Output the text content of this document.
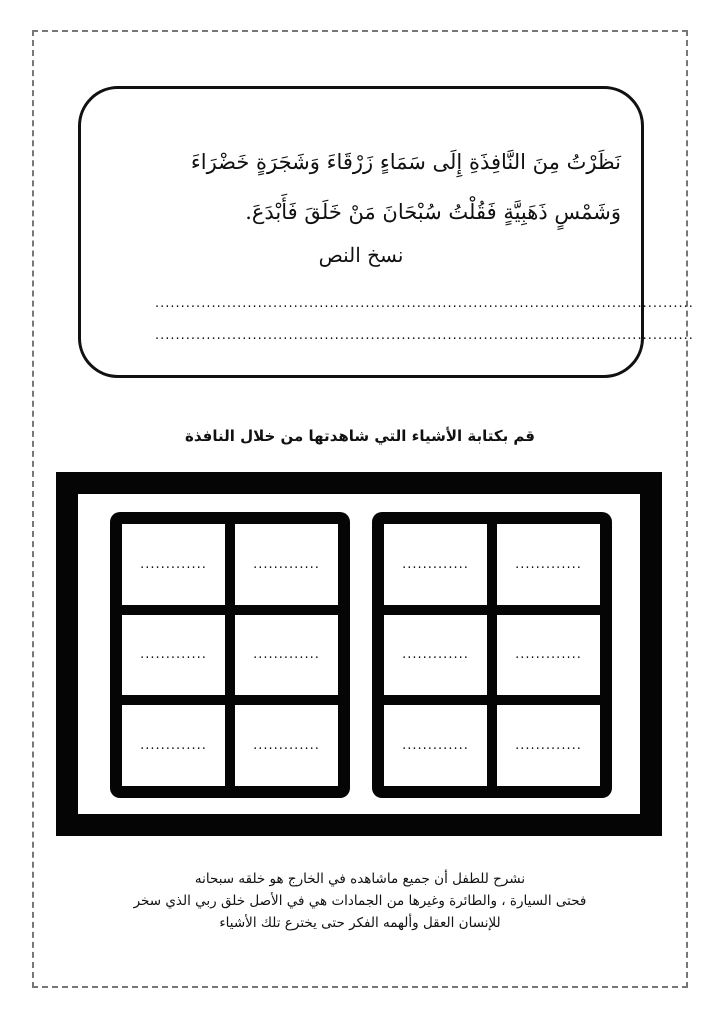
نَظَرْتُ مِنَ النَّافِذَةِ إِلَى سَمَاءٍ زَرْقَاءَ وَشَجَرَةٍ خَضْرَاءَ
وَشَمْسٍ ذَهَبِيَّةٍ فَقُلْتُ سُبْحَانَ مَنْ خَلَقَ فَأَبْدَعَ.
نسخ النص
.........................................................................................................
.........................................................................................................
قم بكتابة الأشياء التي شاهدتها من خلال النافذة
.............	.............
.............	.............
.............	.............
.............	.............
.............	.............
.............	.............
نشرح للطفل أن جميع ماشاهده في الخارج هو خلقه سبحانه
فحتى السيارة ، والطائرة وغيرها من الجمادات هي في الأصل خلق ربي الذي سخر
للإنسان العقل وألهمه الفكر حتى يخترع تلك الأشياء
